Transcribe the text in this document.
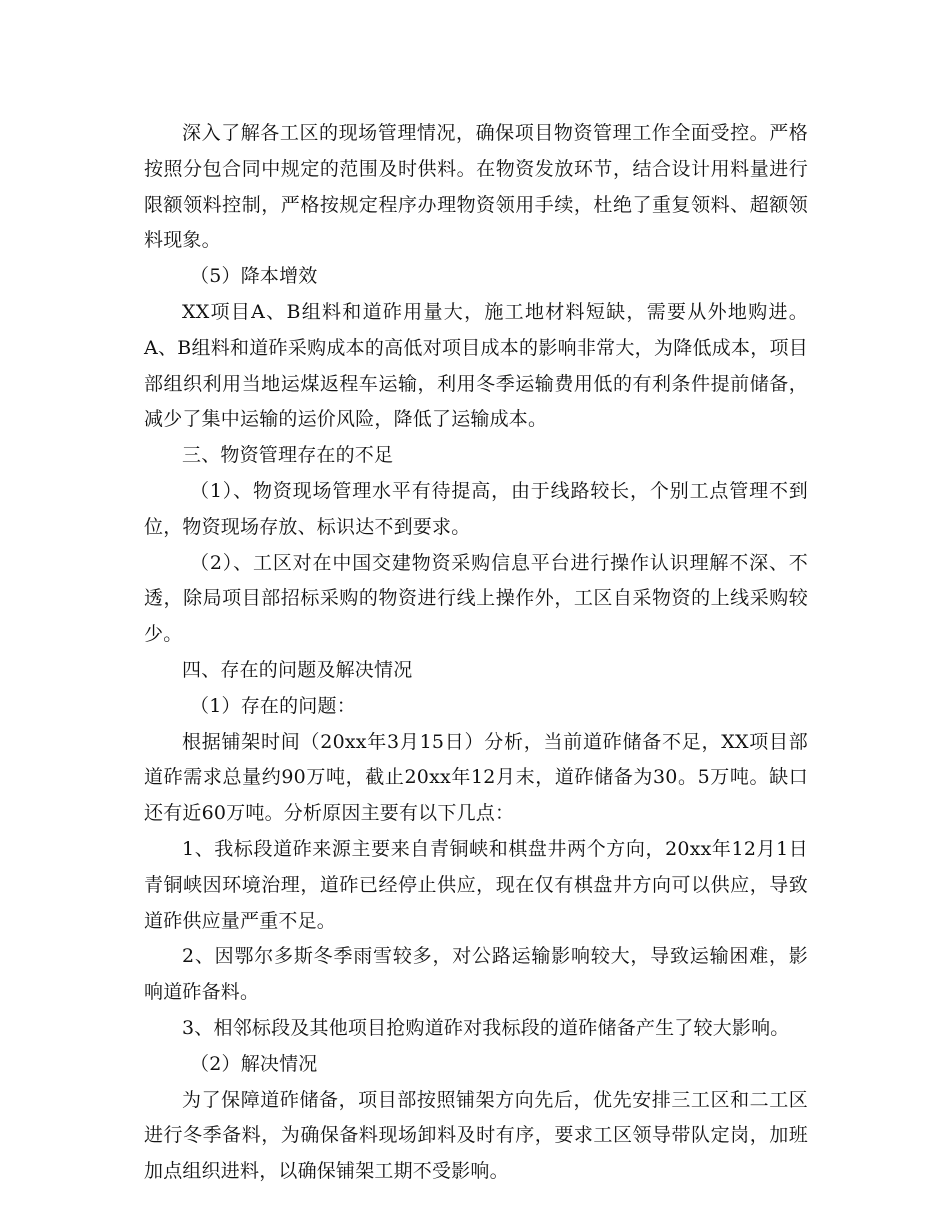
深入了解各工区的现场管理情况，确保项目物资管理工作全面受控。严格按照分包合同中规定的范围及时供料。在物资发放环节，结合设计用料量进行限额领料控制，严格按规定程序办理物资领用手续，杜绝了重复领料、超额领料现象。

（5）降本增效

XX项目A、B组料和道砟用量大，施工地材料短缺，需要从外地购进。A、B组料和道砟采购成本的高低对项目成本的影响非常大，为降低成本，项目部组织利用当地运煤返程车运输，利用冬季运输费用低的有利条件提前储备，减少了集中运输的运价风险，降低了运输成本。

三、物资管理存在的不足

（1）、物资现场管理水平有待提高，由于线路较长，个别工点管理不到位，物资现场存放、标识达不到要求。

（2）、工区对在中国交建物资采购信息平台进行操作认识理解不深、不透，除局项目部招标采购的物资进行线上操作外，工区自采物资的上线采购较少。

四、存在的问题及解决情况

（1）存在的问题：

根据铺架时间（20xx年3月15日）分析，当前道砟储备不足，XX项目部道砟需求总量约90万吨，截止20xx年12月末，道砟储备为30。5万吨。缺口还有近60万吨。分析原因主要有以下几点：

1、我标段道砟来源主要来自青铜峡和棋盘井两个方向，20xx年12月1日青铜峡因环境治理，道砟已经停止供应，现在仅有棋盘井方向可以供应，导致道砟供应量严重不足。

2、因鄂尔多斯冬季雨雪较多，对公路运输影响较大，导致运输困难，影响道砟备料。

3、相邻标段及其他项目抢购道砟对我标段的道砟储备产生了较大影响。

（2）解决情况

为了保障道砟储备，项目部按照铺架方向先后，优先安排三工区和二工区进行冬季备料，为确保备料现场卸料及时有序，要求工区领导带队定岗，加班加点组织进料，以确保铺架工期不受影响。
